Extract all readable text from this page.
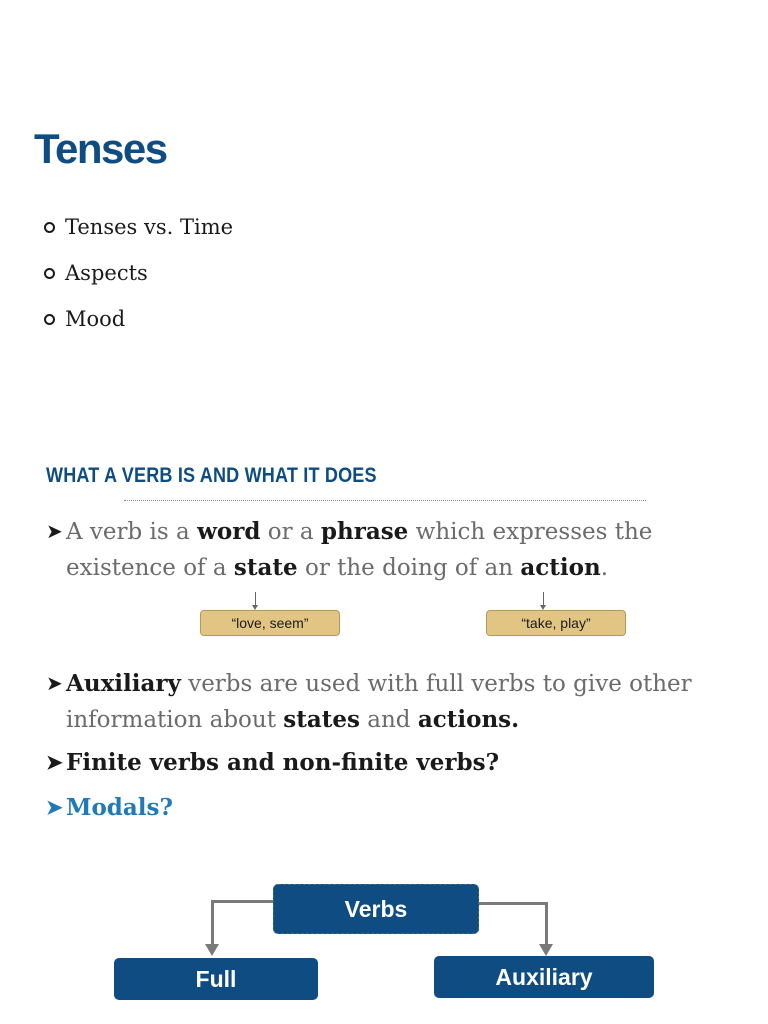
Tenses
Tenses vs. Time
Aspects
Mood
WHAT A VERB IS AND WHAT IT DOES
➤ A verb is a word or a phrase which expresses the existence of a state or the doing of an action.
“love, seem”	“take, play”
➤ Auxiliary verbs are used with full verbs to give other information about states and actions.
➤ Finite verbs and non-finite verbs?
➤ Modals?
Verbs
Full	Auxiliary
